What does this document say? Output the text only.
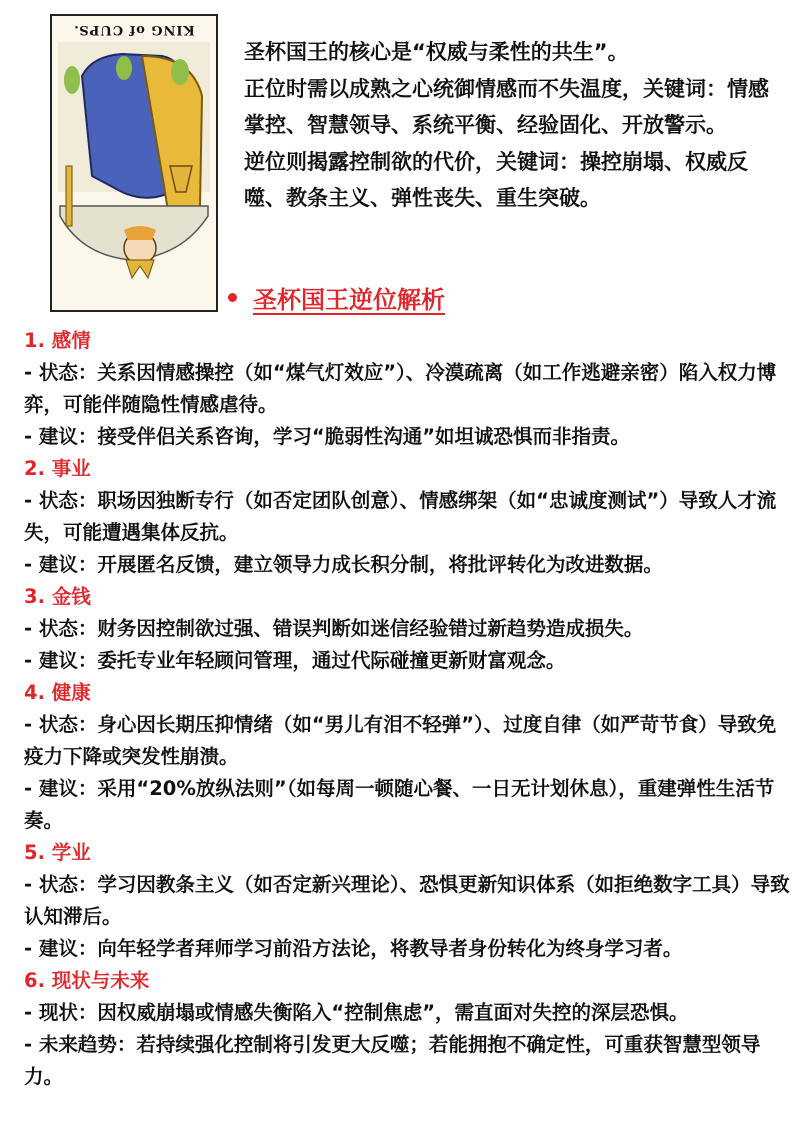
KING of CUPS.

圣杯国王的核心是“权威与柔性的共生”。

正位时需以成熟之心统御情感而不失温度，关键词：情感掌控、智慧领导、系统平衡、经验固化、开放警示。

逆位则揭露控制欲的代价，关键词：操控崩塌、权威反噬、教条主义、弹性丧失、重生突破。

圣杯国王逆位解析
1. 感情

- 状态：关系因情感操控（如“煤气灯效应”）、冷漠疏离（如工作逃避亲密）陷入权力博弈，可能伴随隐性情感虐待。

- 建议：接受伴侣关系咨询，学习“脆弱性沟通”如坦诚恐惧而非指责。

2. 事业

- 状态：职场因独断专行（如否定团队创意）、情感绑架（如“忠诚度测试”）导致人才流失，可能遭遇集体反抗。

- 建议：开展匿名反馈，建立领导力成长积分制，将批评转化为改进数据。

3. 金钱

- 状态：财务因控制欲过强、错误判断如迷信经验错过新趋势造成损失。

- 建议：委托专业年轻顾问管理，通过代际碰撞更新财富观念。

4. 健康

- 状态：身心因长期压抑情绪（如“男儿有泪不轻弹”）、过度自律（如严苛节食）导致免疫力下降或突发性崩溃。

- 建议：采用“20%放纵法则”（如每周一顿随心餐、一日无计划休息），重建弹性生活节奏。

5. 学业

- 状态：学习因教条主义（如否定新兴理论）、恐惧更新知识体系（如拒绝数字工具）导致认知滞后。

- 建议：向年轻学者拜师学习前沿方法论，将教导者身份转化为终身学习者。

6. 现状与未来

- 现状：因权威崩塌或情感失衡陷入“控制焦虑”，需直面对失控的深层恐惧。

- 未来趋势：若持续强化控制将引发更大反噬；若能拥抱不确定性，可重获智慧型领导力。
